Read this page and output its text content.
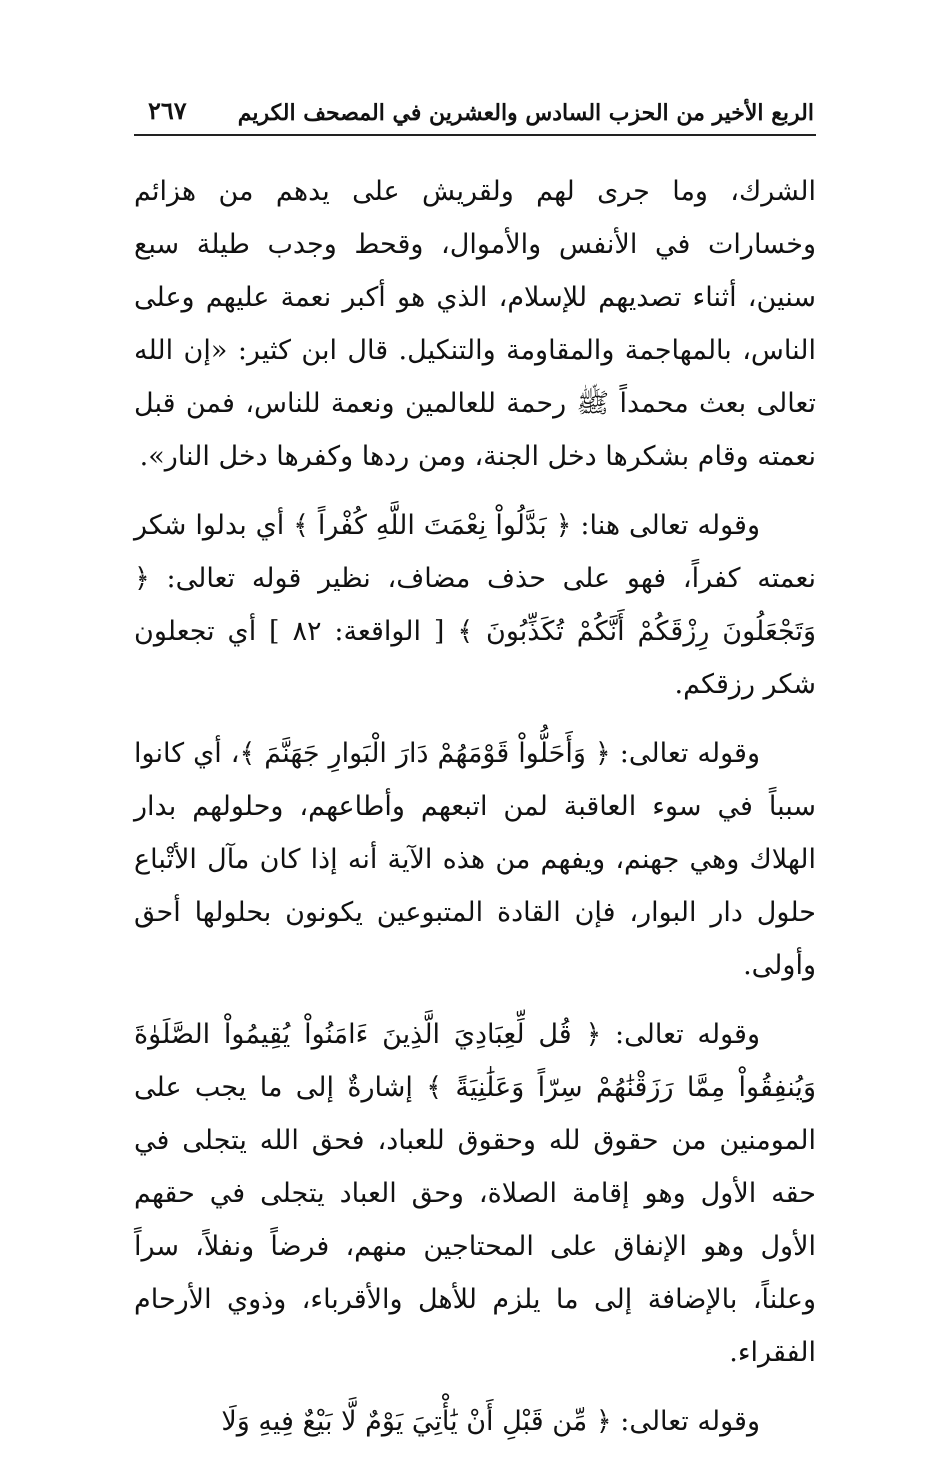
الربع الأخير من الحزب السادس والعشرين في المصحف الكريم
٢٦٧

الشرك، وما جرى لهم ولقريش على يدهم من هزائم وخسارات في الأنفس والأموال، وقحط وجدب طيلة سبع سنين، أثناء تصديهم للإسلام، الذي هو أكبر نعمة عليهم وعلى الناس، بالمهاجمة والمقاومة والتنكيل. قال ابن كثير: «إن الله تعالى بعث محمداً ﷺ رحمة للعالمين ونعمة للناس، فمن قبل نعمته وقام بشكرها دخل الجنة، ومن ردها وكفرها دخل النار».

وقوله تعالى هنا: ﴿ بَدَّلُواْ نِعْمَتَ اللَّهِ كُفْراً ﴾ أي بدلوا شكر نعمته كفراً، فهو على حذف مضاف، نظير قوله تعالى: ﴿ وَتَجْعَلُونَ رِزْقَكُمْ أَنَّكُمْ تُكَذِّبُونَ ﴾ [ الواقعة: ٨٢ ] أي تجعلون شكر رزقكم.

وقوله تعالى: ﴿ وَأَحَلُّواْ قَوْمَهُمْ دَارَ الْبَوارِ جَهَنَّمَ ﴾، أي كانوا سبباً في سوء العاقبة لمن اتبعهم وأطاعهم، وحلولهم بدار الهلاك وهي جهنم، ويفهم من هذه الآية أنه إذا كان مآل الأتْباع حلول دار البوار، فإن القادة المتبوعين يكونون بحلولها أحق وأولى.

وقوله تعالى: ﴿ قُل لِّعِبَادِيَ الَّذِينَ ءَامَنُواْ يُقِيمُواْ الصَّلَوٰةَ وَيُنفِقُواْ مِمَّا رَزَقْنَٰهُمْ سِرّاً وَعَلَٰنِيَةً ﴾ إشارةٌ إلى ما يجب على المومنين من حقوق لله وحقوق للعباد، فحق الله يتجلى في حقه الأول وهو إقامة الصلاة، وحق العباد يتجلى في حقهم الأول وهو الإنفاق على المحتاجين منهم، فرضاً ونفلاً، سراً وعلناً، بالإضافة إلى ما يلزم للأهل والأقرباء، وذوي الأرحام الفقراء.

وقوله تعالى: ﴿ مِّن قَبْلِ أَنْ يَٰأْتِيَ يَوْمٌ لَّا بَيْعٌ فِيهِ وَلَا
